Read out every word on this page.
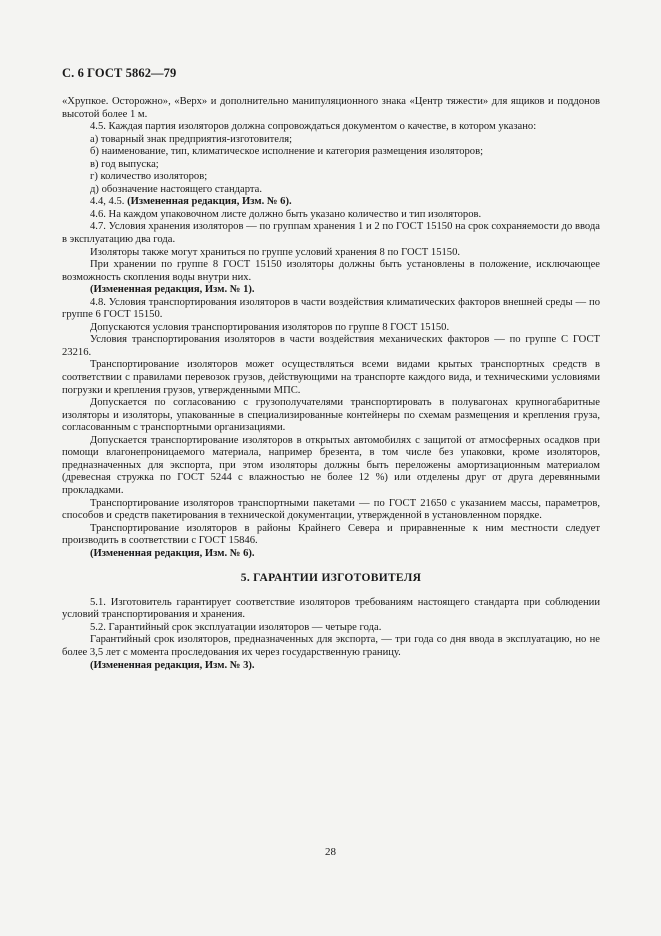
С. 6 ГОСТ 5862—79

«Хрупкое. Осторожно», «Верх» и дополнительно манипуляционного знака «Центр тяжести» для ящиков и поддонов высотой более 1 м.

4.5. Каждая партия изоляторов должна сопровождаться документом о качестве, в котором указано:

а) товарный знак предприятия-изготовителя;

б) наименование, тип, климатическое исполнение и категория размещения изоляторов;

в) год выпуска;

г) количество изоляторов;

д) обозначение настоящего стандарта.

4.4, 4.5. (Измененная редакция, Изм. № 6).

4.6. На каждом упаковочном листе должно быть указано количество и тип изоляторов.

4.7. Условия хранения изоляторов — по группам хранения 1 и 2 по ГОСТ 15150 на срок сохраняемости до ввода в эксплуатацию два года.

Изоляторы также могут храниться по группе условий хранения 8 по ГОСТ 15150.

При хранении по группе 8 ГОСТ 15150 изоляторы должны быть установлены в положение, исключающее возможность скопления воды внутри них.

(Измененная редакция, Изм. № 1).

4.8. Условия транспортирования изоляторов в части воздействия климатических факторов внешней среды — по группе 6 ГОСТ 15150.

Допускаются условия транспортирования изоляторов по группе 8 ГОСТ 15150.

Условия транспортирования изоляторов в части воздействия механических факторов — по группе С ГОСТ 23216.

Транспортирование изоляторов может осуществляться всеми видами крытых транспортных средств в соответствии с правилами перевозок грузов, действующими на транспорте каждого вида, и техническими условиями погрузки и крепления грузов, утвержденными МПС.

Допускается по согласованию с грузополучателями транспортировать в полувагонах крупногабаритные изоляторы и изоляторы, упакованные в специализированные контейнеры по схемам размещения и крепления груза, согласованным с транспортными организациями.

Допускается транспортирование изоляторов в открытых автомобилях с защитой от атмосферных осадков при помощи влагонепроницаемого материала, например брезента, в том числе без упаковки, кроме изоляторов, предназначенных для экспорта, при этом изоляторы должны быть переложены амортизационным материалом (древесная стружка по ГОСТ 5244 с влажностью не более 12 %) или отделены друг от друга деревянными прокладками.

Транспортирование изоляторов транспортными пакетами — по ГОСТ 21650 с указанием массы, параметров, способов и средств пакетирования в технической документации, утвержденной в установленном порядке.

Транспортирование изоляторов в районы Крайнего Севера и приравненные к ним местности следует производить в соответствии с ГОСТ 15846.

(Измененная редакция, Изм. № 6).

5. ГАРАНТИИ ИЗГОТОВИТЕЛЯ

5.1. Изготовитель гарантирует соответствие изоляторов требованиям настоящего стандарта при соблюдении условий транспортирования и хранения.

5.2. Гарантийный срок эксплуатации изоляторов — четыре года.

Гарантийный срок изоляторов, предназначенных для экспорта, — три года со дня ввода в эксплуатацию, но не более 3,5 лет с момента проследования их через государственную границу.

(Измененная редакция, Изм. № 3).

28
